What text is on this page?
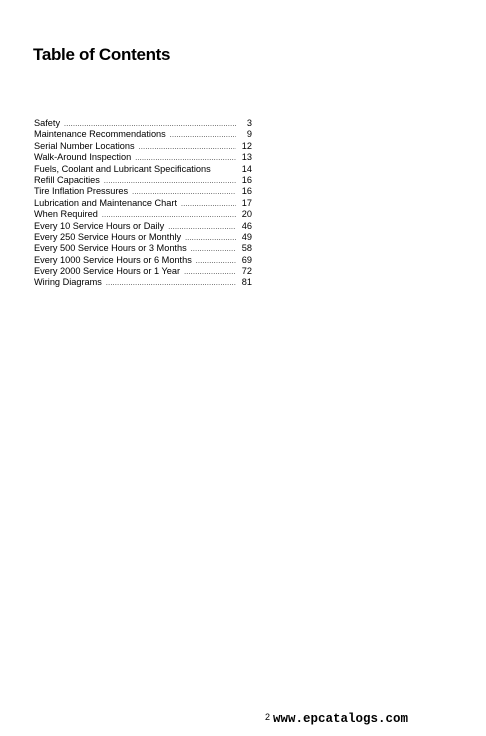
Table of Contents
Safety .....	3
Maintenance Recommendations .....	9
Serial Number Locations .....	12
Walk-Around Inspection .....	13
Fuels, Coolant and Lubricant Specifications	14
Refill Capacities .....	16
Tire Inflation Pressures .....	16
Lubrication and Maintenance Chart .....	17
When Required .....	20
Every 10 Service Hours or Daily .....	46
Every 250 Service Hours or Monthly .....	49
Every 500 Service Hours or 3 Months .....	58
Every 1000 Service Hours or 6 Months .....	69
Every 2000 Service Hours or 1 Year .....	72
Wiring Diagrams .....	81
2 www.epcatalogs.com
